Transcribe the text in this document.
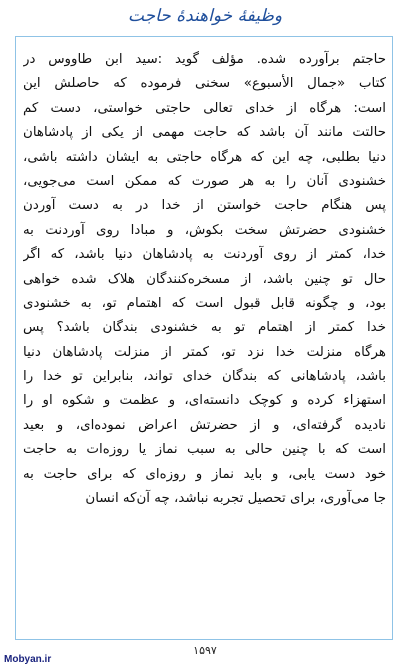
وظیفهٔ خواهندهٔ حاجت
حاجتم برآورده شده. مؤلف گوید :سید ابن طاووس در
کتاب «جمال الأسبوع» سخنی فرموده که حاصلش این
است: هرگاه از خدای تعالی حاجتی خواستی، دست کم
حالتت مانند آن باشد که حاجت مهمی از یکی از پادشاهان
دنیا بطلبی، چه این که هرگاه حاجتی به ایشان داشته باشی،
خشنودی آنان را به هر صورت که ممکن است می‌جویی،
پس هنگام حاجت خواستن از خدا در به دست آوردن
خشنودی حضرتش سخت بکوش، و مبادا روی آوردنت به
خدا، کمتر از روی آوردنت به پادشاهان دنیا باشد، که اگر
حال تو چنین باشد، از مسخره‌کنندگان هلاک شده خواهی
بود، و چگونه قابل قبول است که اهتمام تو، به خشنودی
خدا کمتر از اهتمام تو به خشنودی بندگان باشد؟ پس
هرگاه منزلت خدا نزد تو، کمتر از منزلت پادشاهان دنیا
باشد، پادشاهانی که بندگان خدای تواند، بنابراین تو خدا را
استهزاء کرده و کوچک دانسته‌ای، و عظمت و شکوه او را
نادیده گرفته‌ای، و از حضرتش اعراض نموده‌ای، و بعید
است که با چنین حالی به سبب نماز یا روزه‌ات به حاجت
خود دست یابی، و باید نماز و روزه‌ای که برای حاجت به
جا می‌آوری، برای تحصیل تجربه نباشد، چه آن‌که انسان
۱۵۹۷
Mobyan.ir
